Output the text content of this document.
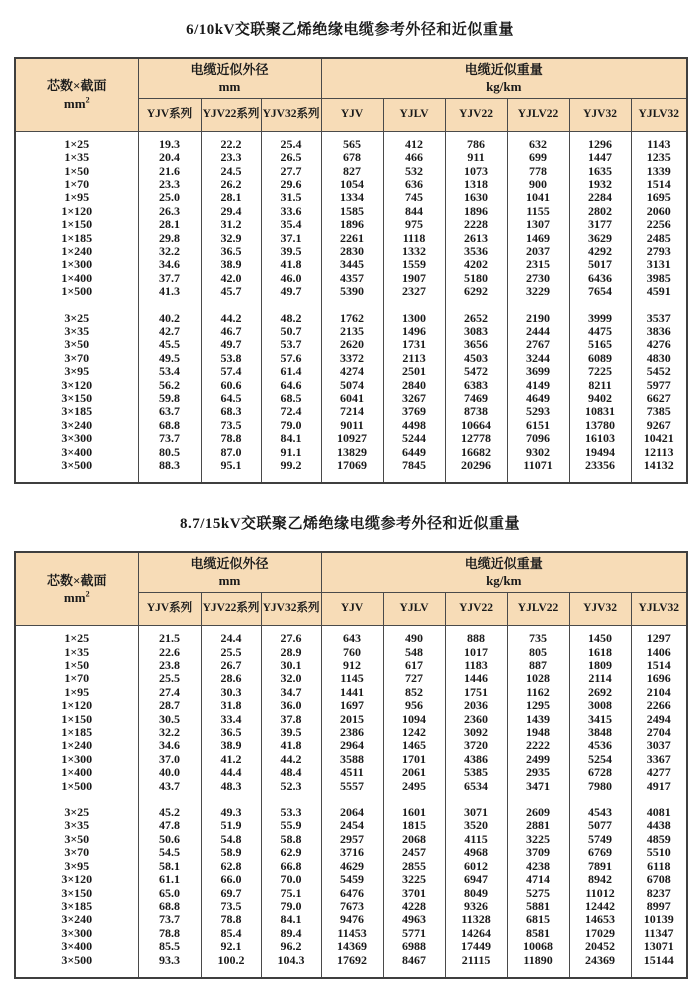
6/10kV交联聚乙烯绝缘电缆参考外径和近似重量
芯数×截面
$mm^2$	电缆近似外径
mm			电缆近似重量
kg/km					
	YJV系列	YJV22系列	YJV32系列	YJV	YJLV	YJV22	YJLV22	YJV32	YJLV32
1×25	19.3	22.2	25.4	565	412	786	632	1296	1143
1×35	20.4	23.3	26.5	678	466	911	699	1447	1235
1×50	21.6	24.5	27.7	827	532	1073	778	1635	1339
1×70	23.3	26.2	29.6	1054	636	1318	900	1932	1514
1×95	25.0	28.1	31.5	1334	745	1630	1041	2284	1695
1×120	26.3	29.4	33.6	1585	844	1896	1155	2802	2060
1×150	28.1	31.2	35.4	1896	975	2228	1307	3177	2256
1×185	29.8	32.9	37.1	2261	1118	2613	1469	3629	2485
1×240	32.2	36.5	39.5	2830	1332	3536	2037	4292	2793
1×300	34.6	38.9	41.8	3445	1559	4202	2315	5017	3131
1×400	37.7	42.0	46.0	4357	1907	5180	2730	6436	3985
1×500	41.3	45.7	49.7	5390	2327	6292	3229	7654	4591

3×25	40.2	44.2	48.2	1762	1300	2652	2190	3999	3537
3×35	42.7	46.7	50.7	2135	1496	3083	2444	4475	3836
3×50	45.5	49.7	53.7	2620	1731	3656	2767	5165	4276
3×70	49.5	53.8	57.6	3372	2113	4503	3244	6089	4830
3×95	53.4	57.4	61.4	4274	2501	5472	3699	7225	5452
3×120	56.2	60.6	64.6	5074	2840	6383	4149	8211	5977
3×150	59.8	64.5	68.5	6041	3267	7469	4649	9402	6627
3×185	63.7	68.3	72.4	7214	3769	8738	5293	10831	7385
3×240	68.8	73.5	79.0	9011	4498	10664	6151	13780	9267
3×300	73.7	78.8	84.1	10927	5244	12778	7096	16103	10421
3×400	80.5	87.0	91.1	13829	6449	16682	9302	19494	12113
3×500	88.3	95.1	99.2	17069	7845	20296	11071	23356	14132
8.7/15kV交联聚乙烯绝缘电缆参考外径和近似重量
芯数×截面
$mm^2$	电缆近似外径
mm			电缆近似重量
kg/km					
	YJV系列	YJV22系列	YJV32系列	YJV	YJLV	YJV22	YJLV22	YJV32	YJLV32
1×25	21.5	24.4	27.6	643	490	888	735	1450	1297
1×35	22.6	25.5	28.9	760	548	1017	805	1618	1406
1×50	23.8	26.7	30.1	912	617	1183	887	1809	1514
1×70	25.5	28.6	32.0	1145	727	1446	1028	2114	1696
1×95	27.4	30.3	34.7	1441	852	1751	1162	2692	2104
1×120	28.7	31.8	36.0	1697	956	2036	1295	3008	2266
1×150	30.5	33.4	37.8	2015	1094	2360	1439	3415	2494
1×185	32.2	36.5	39.5	2386	1242	3092	1948	3848	2704
1×240	34.6	38.9	41.8	2964	1465	3720	2222	4536	3037
1×300	37.0	41.2	44.2	3588	1701	4386	2499	5254	3367
1×400	40.0	44.4	48.4	4511	2061	5385	2935	6728	4277
1×500	43.7	48.3	52.3	5557	2495	6534	3471	7980	4917

3×25	45.2	49.3	53.3	2064	1601	3071	2609	4543	4081
3×35	47.8	51.9	55.9	2454	1815	3520	2881	5077	4438
3×50	50.6	54.8	58.8	2957	2068	4115	3225	5749	4859
3×70	54.5	58.9	62.9	3716	2457	4968	3709	6769	5510
3×95	58.1	62.8	66.8	4629	2855	6012	4238	7891	6118
3×120	61.1	66.0	70.0	5459	3225	6947	4714	8942	6708
3×150	65.0	69.7	75.1	6476	3701	8049	5275	11012	8237
3×185	68.8	73.5	79.0	7673	4228	9326	5881	12442	8997
3×240	73.7	78.8	84.1	9476	4963	11328	6815	14653	10139
3×300	78.8	85.4	89.4	11453	5771	14264	8581	17029	11347
3×400	85.5	92.1	96.2	14369	6988	17449	10068	20452	13071
3×500	93.3	100.2	104.3	17692	8467	21115	11890	24369	15144
